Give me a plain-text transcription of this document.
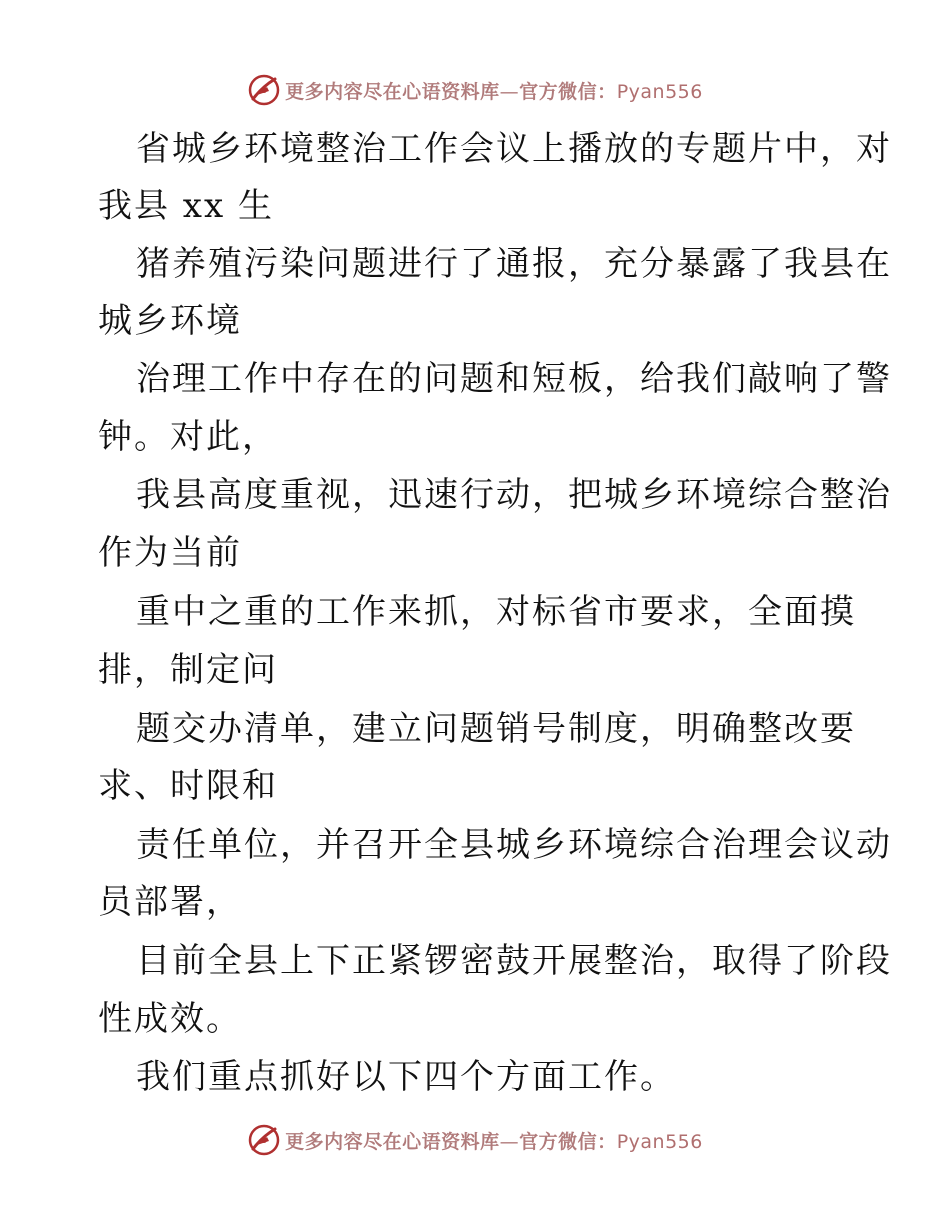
更多内容尽在心语资料库—官方微信：Pyan556
省城乡环境整治工作会议上播放的专题片中，对
我县 xx 生
猪养殖污染问题进行了通报，充分暴露了我县在
城乡环境
治理工作中存在的问题和短板，给我们敲响了警
钟。对此，
我县高度重视，迅速行动，把城乡环境综合整治
作为当前
重中之重的工作来抓，对标省市要求，全面摸
排，制定问
题交办清单，建立问题销号制度，明确整改要
求、时限和
责任单位，并召开全县城乡环境综合治理会议动
员部署，
目前全县上下正紧锣密鼓开展整治，取得了阶段
性成效。
我们重点抓好以下四个方面工作。
更多内容尽在心语资料库—官方微信：Pyan556
